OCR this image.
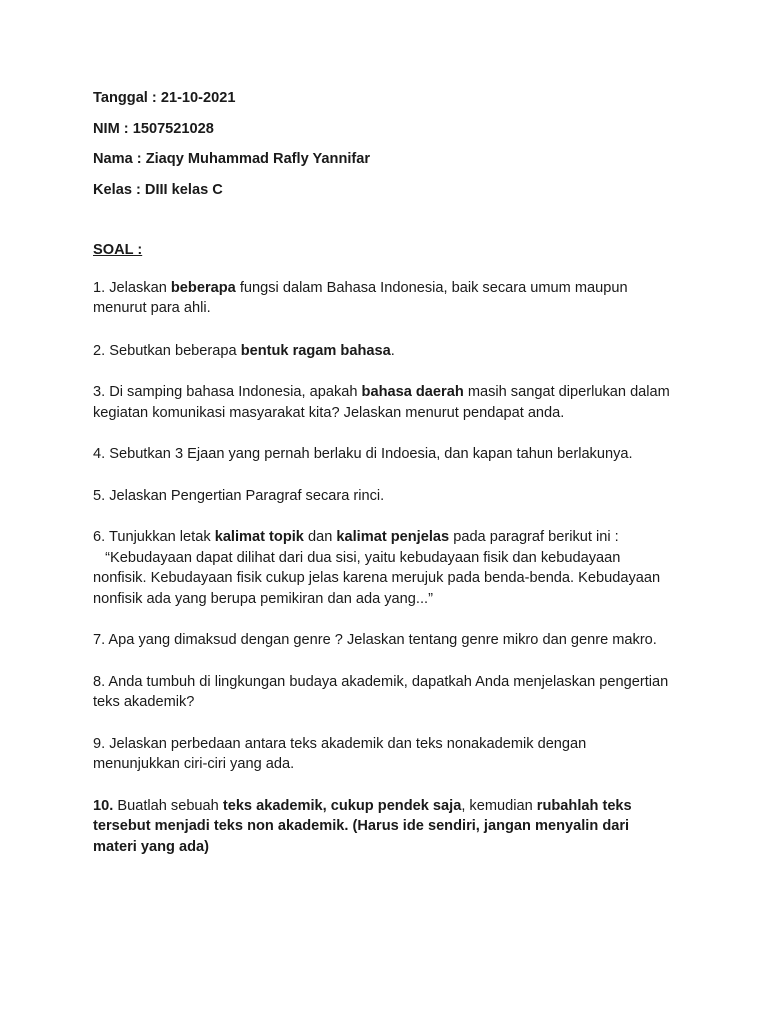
Tanggal : 21-10-2021
NIM : 1507521028
Nama : Ziaqy Muhammad Rafly Yannifar
Kelas : DIII kelas C
SOAL :
1. Jelaskan beberapa fungsi dalam Bahasa Indonesia, baik secara umum maupun menurut para ahli.
2. Sebutkan beberapa bentuk ragam bahasa.
3. Di samping bahasa Indonesia, apakah bahasa daerah masih sangat diperlukan dalam kegiatan komunikasi masyarakat kita? Jelaskan menurut pendapat anda.
4. Sebutkan 3 Ejaan yang pernah berlaku di Indoesia, dan kapan tahun berlakunya.
5. Jelaskan Pengertian Paragraf secara rinci.
6. Tunjukkan letak kalimat topik dan kalimat penjelas pada paragraf berikut ini :
“Kebudayaan dapat dilihat dari dua sisi, yaitu kebudayaan fisik dan kebudayaan nonfisik. Kebudayaan fisik cukup jelas karena merujuk pada benda-benda. Kebudayaan nonfisik ada yang berupa pemikiran dan ada yang...”
7. Apa yang dimaksud dengan genre ? Jelaskan tentang genre mikro dan genre makro.
8. Anda tumbuh di lingkungan budaya akademik, dapatkah Anda menjelaskan pengertian teks akademik?
9. Jelaskan perbedaan antara teks akademik dan teks nonakademik dengan menunjukkan ciri-ciri yang ada.
10. Buatlah sebuah teks akademik, cukup pendek saja, kemudian rubahlah teks tersebut menjadi teks non akademik. (Harus ide sendiri, jangan menyalin dari materi yang ada)
